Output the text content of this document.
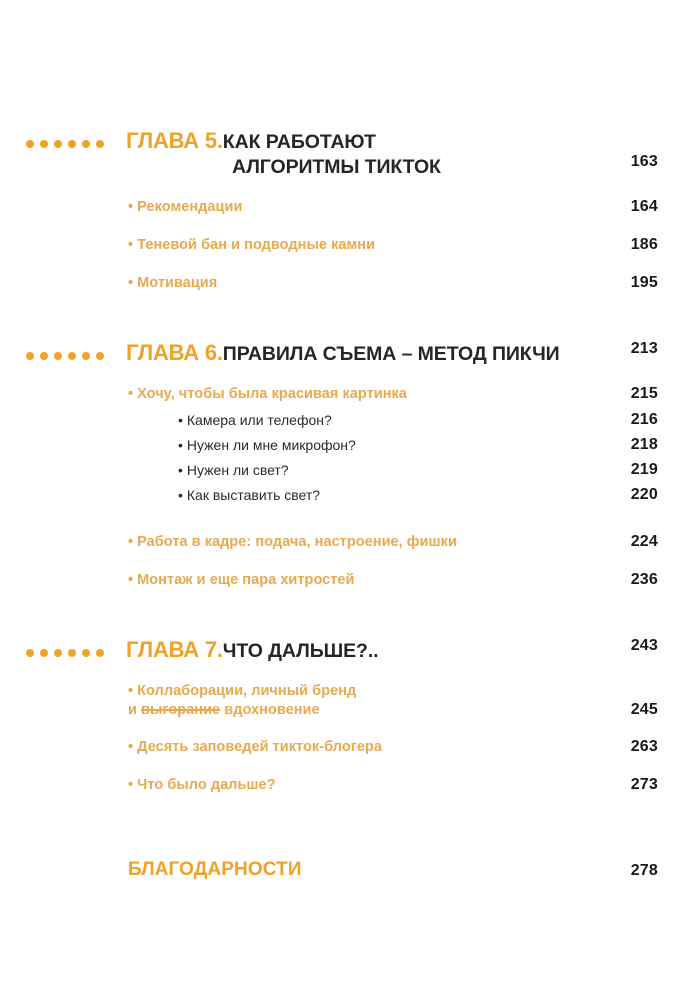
ГЛАВА 5.КАК РАБОТАЮТ
АЛГОРИТМЫ ТИКТОК	163
• Рекомендации	164
• Теневой бан и подводные камни	186
• Мотивация	195
ГЛАВА 6.ПРАВИЛА СЪЕМА – МЕТОД ПИКЧИ	213
• Хочу, чтобы была красивая картинка	215
• Камера или телефон?	216
• Нужен ли мне микрофон?	218
• Нужен ли свет?	219
• Как выставить свет?	220
• Работа в кадре: подача, настроение, фишки	224
• Монтаж и еще пара хитростей	236
ГЛАВА 7.ЧТО ДАЛЬШЕ?..	243
• Коллаборации, личный бренд
и выгорание вдохновение	245
• Десять заповедей тикток-блогера	263
• Что было дальше?	273
БЛАГОДАРНОСТИ	278
